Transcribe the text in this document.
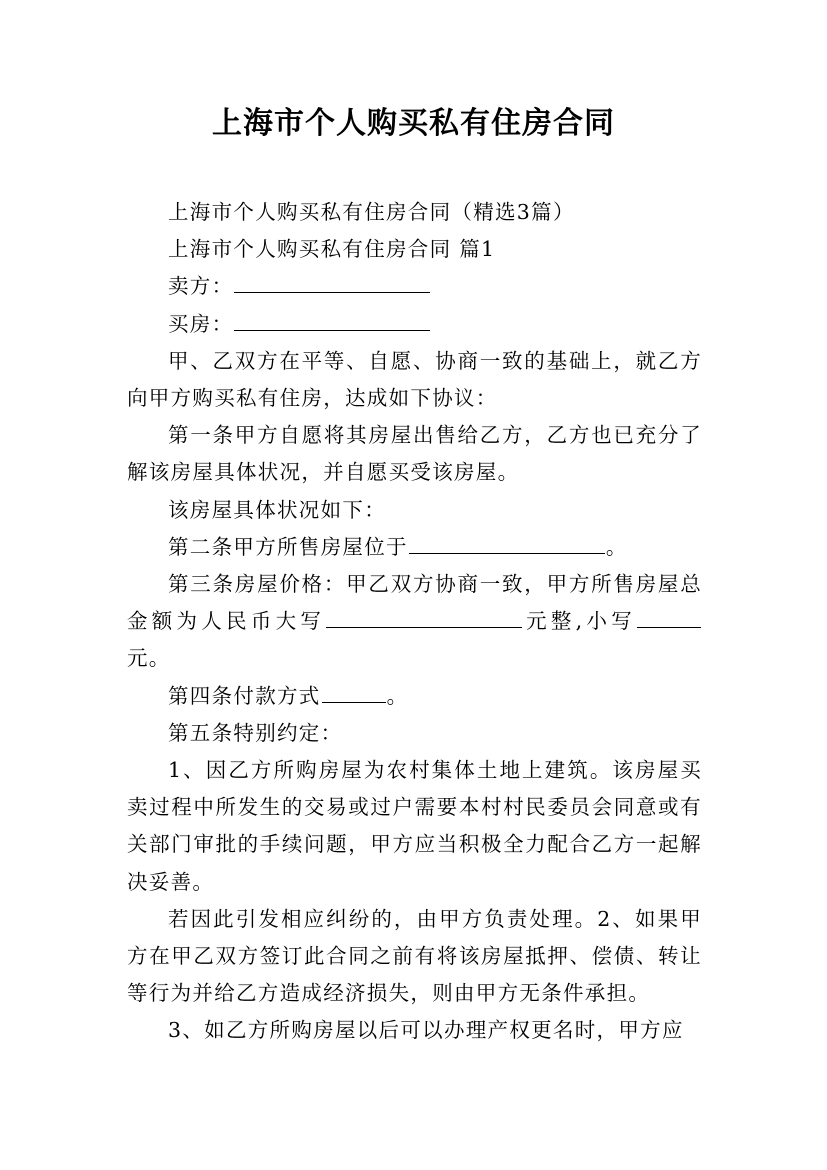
上海市个人购买私有住房合同

上海市个人购买私有住房合同（精选3篇）

上海市个人购买私有住房合同 篇1

卖方：

买房：

甲、乙双方在平等、自愿、协商一致的基础上，就乙方向甲方购买私有住房，达成如下协议：

第一条甲方自愿将其房屋出售给乙方，乙方也已充分了解该房屋具体状况，并自愿买受该房屋。

该房屋具体状况如下：

第二条甲方所售房屋位于	。

第三条房屋价格：甲乙双方协商一致，甲方所售房屋总金额为人民币大写	元整,小写元。

第四条付款方式	。

第五条特别约定：

1、因乙方所购房屋为农村集体土地上建筑。该房屋买卖过程中所发生的交易或过户需要本村村民委员会同意或有关部门审批的手续问题，甲方应当积极全力配合乙方一起解决妥善。

若因此引发相应纠纷的，由甲方负责处理。2、如果甲方在甲乙双方签订此合同之前有将该房屋抵押、偿债、转让等行为并给乙方造成经济损失，则由甲方无条件承担。

3、如乙方所购房屋以后可以办理产权更名时，甲方应
